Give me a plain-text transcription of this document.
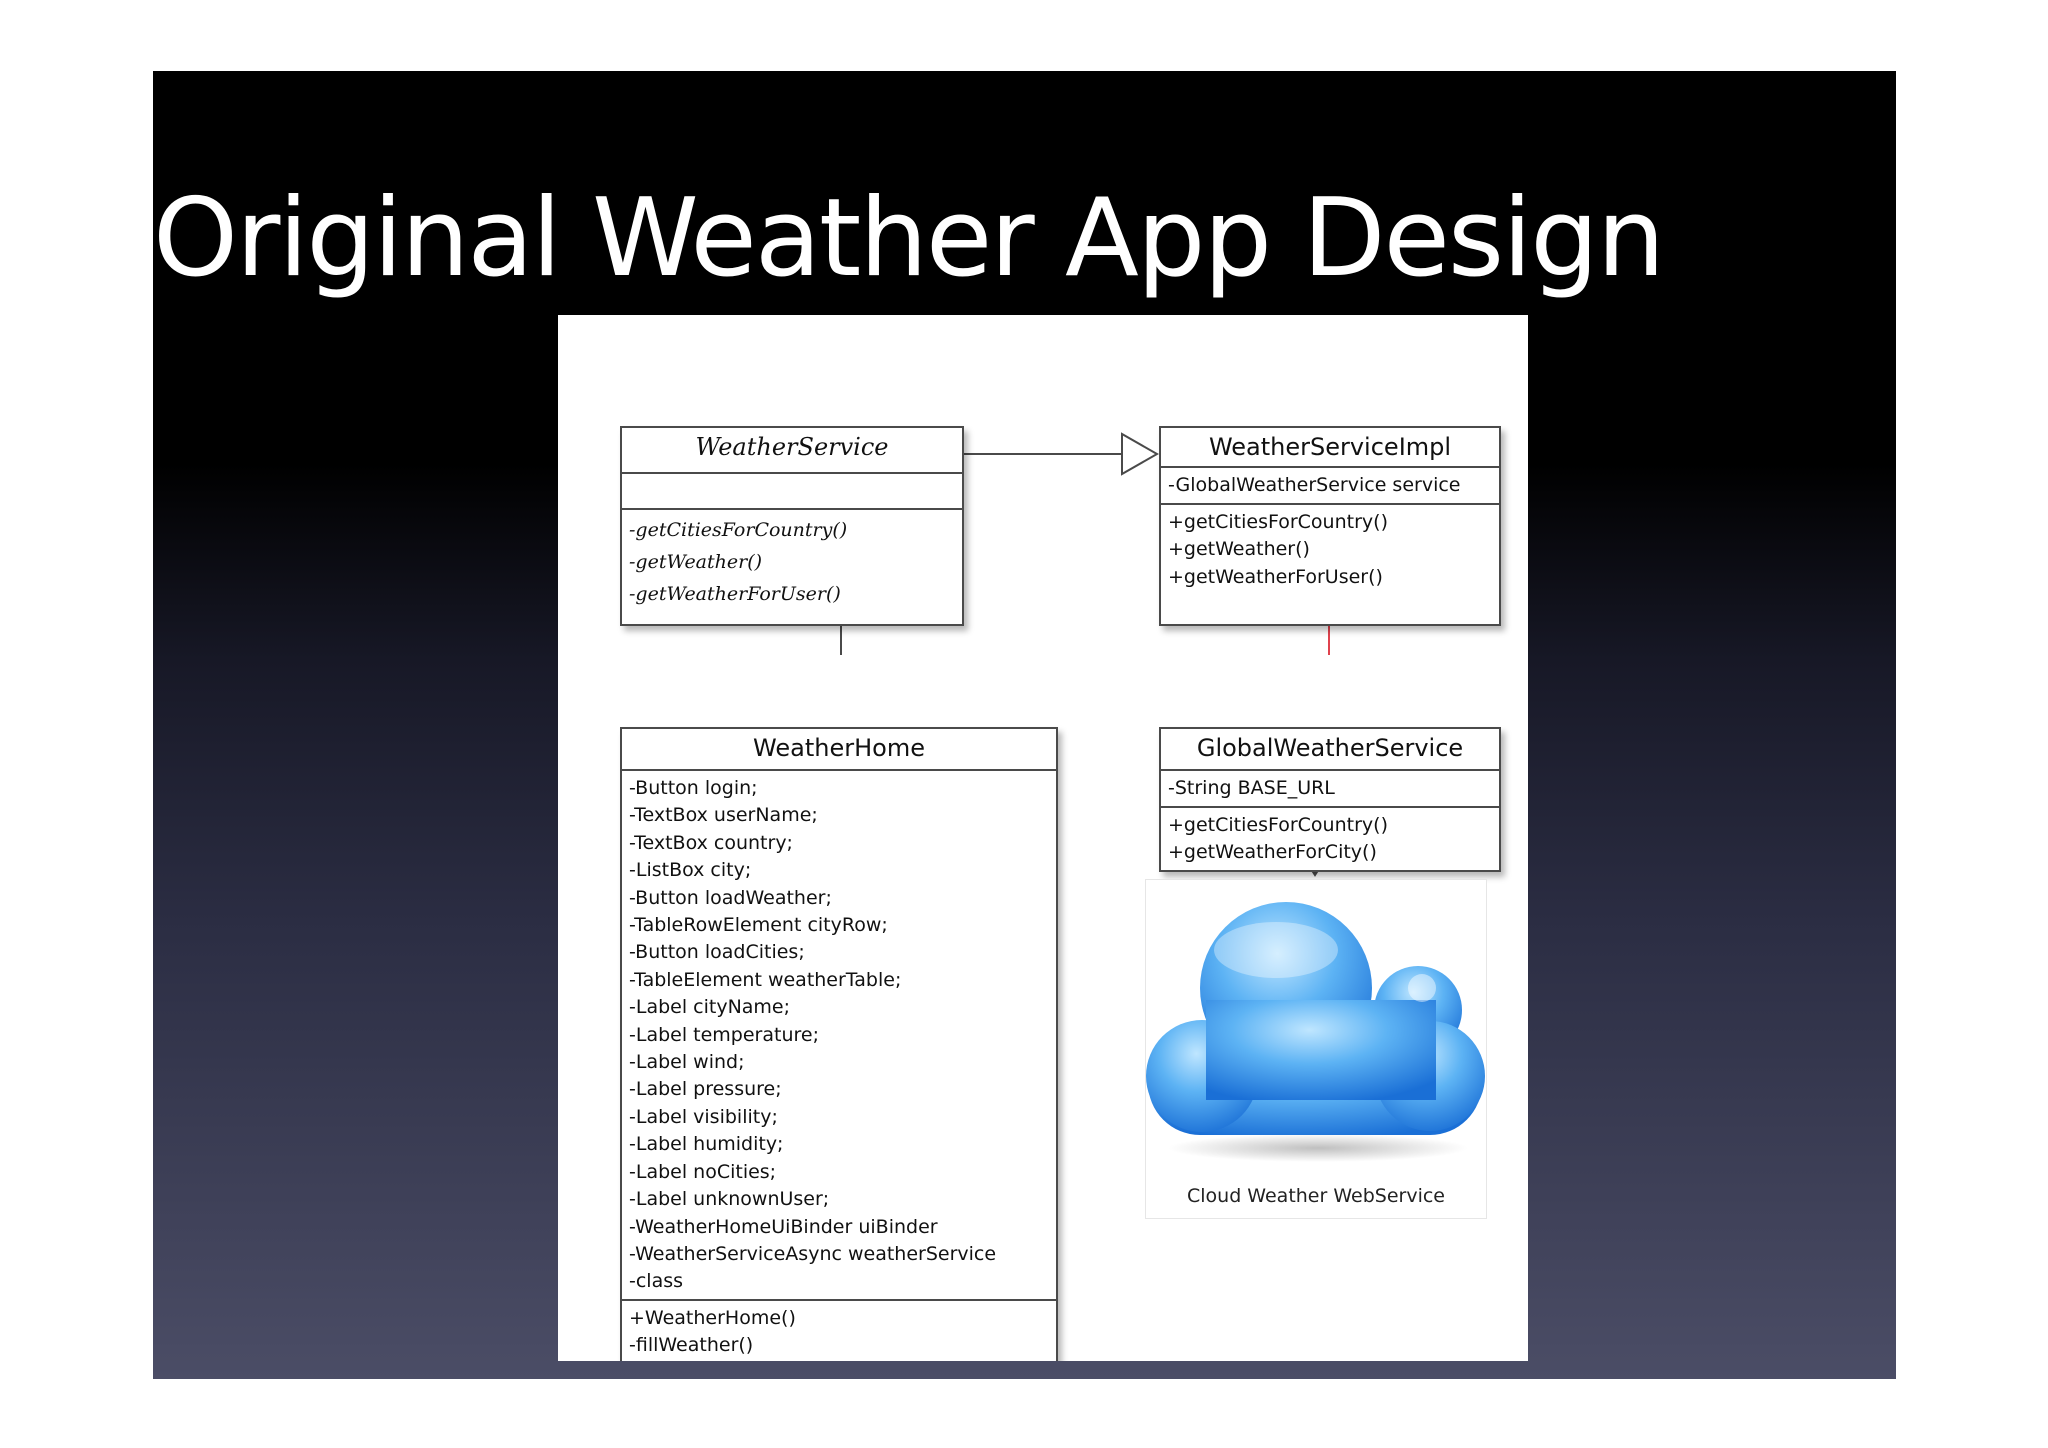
Original Weather App Design
WeatherService
-getCitiesForCountry()
-getWeather()
-getWeatherForUser()
WeatherServiceImpl
-GlobalWeatherService service
+getCitiesForCountry()
+getWeather()
+getWeatherForUser()
WeatherHome
-Button login;
-TextBox userName;
-TextBox country;
-ListBox city;
-Button loadWeather;
-TableRowElement cityRow;
-Button loadCities;
-TableElement weatherTable;
-Label cityName;
-Label temperature;
-Label wind;
-Label pressure;
-Label visibility;
-Label humidity;
-Label noCities;
-Label unknownUser;
-WeatherHomeUiBinder uiBinder
-WeatherServiceAsync weatherService
-class
+WeatherHome()
-fillWeather()
GlobalWeatherService
-String BASE_URL
+getCitiesForCountry()
+getWeatherForCity()
Cloud Weather WebService
